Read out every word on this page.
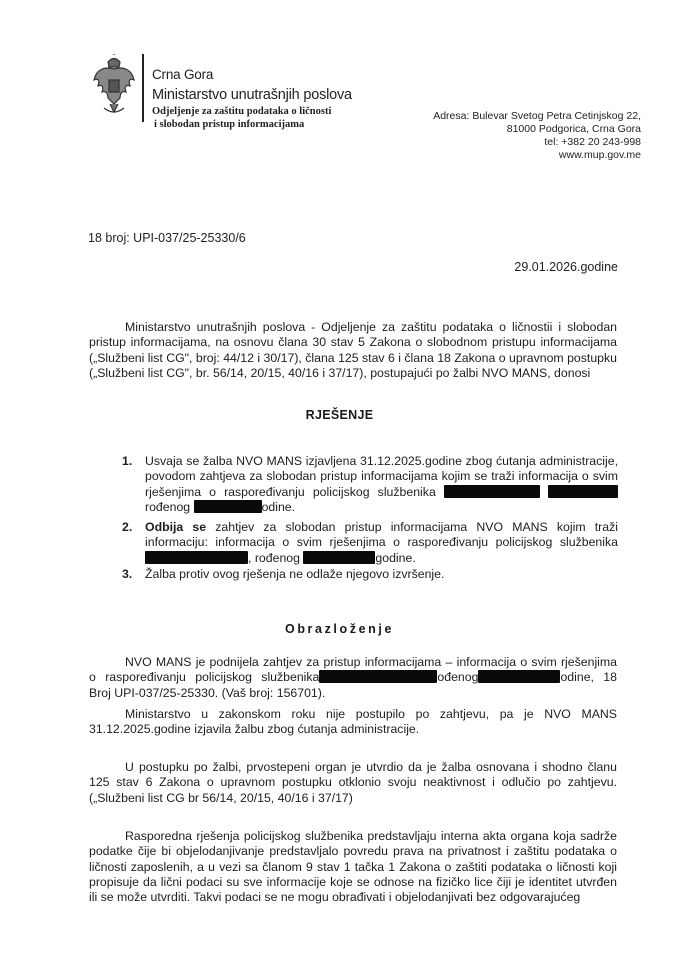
Crna Gora
Ministarstvo unutrašnjih poslova
Odjeljenje za zaštitu podataka o ličnosti
i slobodan pristup informacijama
Adresa: Bulevar Svetog Petra Cetinjskog 22,
81000 Podgorica, Crna Gora
tel: +382 20 243-998
www.mup.gov.me
18 broj: UPI-037/25-25330/6
29.01.2026.godine
Ministarstvo unutrašnjih poslova - Odjeljenje za zaštitu podataka o ličnostii i slobodan pristup informacijama, na osnovu člana 30 stav 5 Zakona o slobodnom pristupu informacijama („Službeni list CG", broj: 44/12 i 30/17), člana 125 stav 6 i člana 18 Zakona o upravnom postupku („Službeni list CG", br. 56/14, 20/15, 40/16 i 37/17), postupajući po žalbi NVO MANS, donosi
RJEŠENJE
1. Usvaja se žalba NVO MANS izjavljena 31.12.2025.godine zbog ćutanja administracije, povodom zahtjeva za slobodan pristup informacijama kojim se traži informacija o svim rješenjima o raspoređivanju policijskog službenika   rođenog	odine.
2. Odbija se zahtjev za slobodan pristup informacijama NVO MANS kojim traži informaciju: informacija o svim rješenjima o raspoređivanju policijskog službenika , rođenog	godine.
3. Žalba protiv ovog rješenja ne odlaže njegovo izvršenje.
Obrazloženje
NVO MANS je podnijela zahtjev za pristup informacijama – informacija o svim rješenjima o raspoređivanju policijskog službenika	ođenog	odine, 18 Broj UPI-037/25-25330. (Vaš broj: 156701).
Ministarstvo u zakonskom roku nije postupilo po zahtjevu, pa je NVO MANS 31.12.2025.godine izjavila žalbu zbog ćutanja administracije.
U postupku po žalbi, prvostepeni organ je utvrdio da je žalba osnovana i shodno članu 125 stav 6 Zakona o upravnom postupku otklonio svoju neaktivnost i odlučio po zahtjevu. („Službeni list CG br 56/14, 20/15, 40/16 i 37/17)
Rasporedna rješenja policijskog službenika predstavljaju interna akta organa koja sadrže podatke čije bi objelodanjivanje predstavljalo povredu prava na privatnost i zaštitu podataka o ličnosti zaposlenih, a u vezi sa članom 9 stav 1 tačka 1 Zakona o zaštiti podataka o ličnosti koji propisuje da lični podaci su sve informacije koje se odnose na fizičko lice čiji je identitet utvrđen ili se može utvrditi. Takvi podaci se ne mogu obrađivati i objelodanjivati bez odgovarajućeg
